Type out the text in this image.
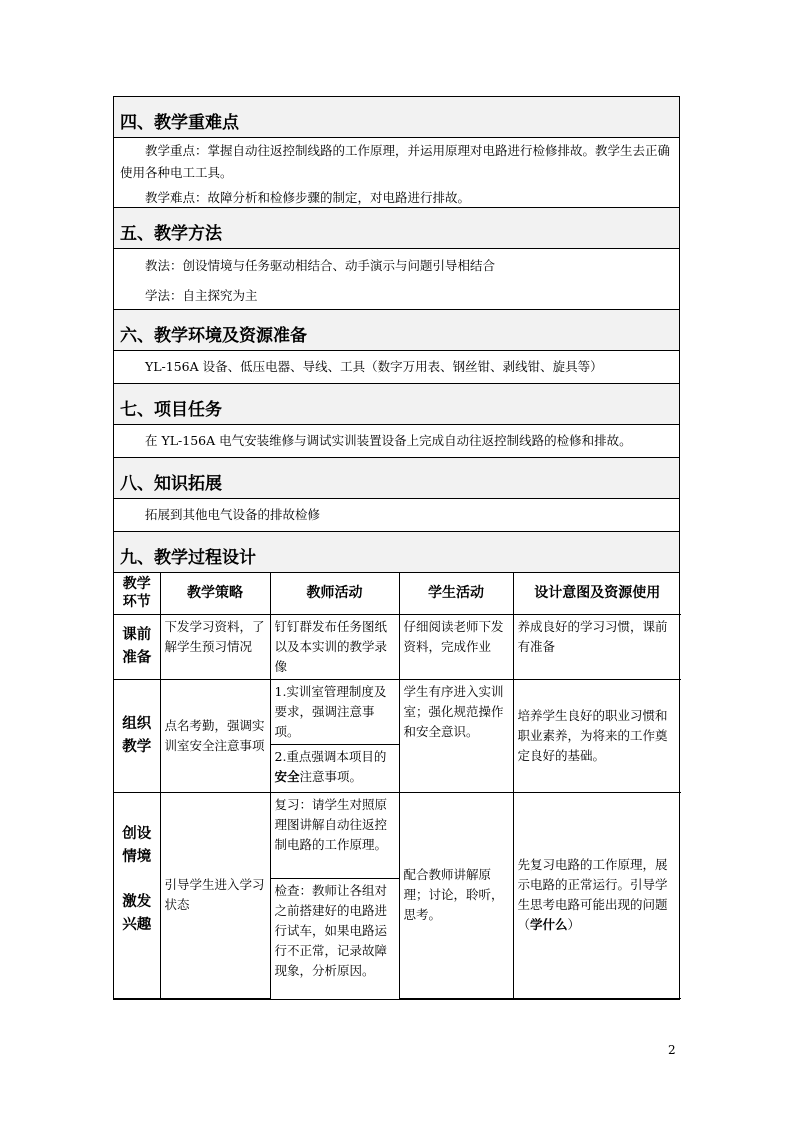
四、教学重难点

教学重点：掌握自动往返控制线路的工作原理，并运用原理对电路进行检修排故。教学生去正确使用各种电工工具。

教学难点：故障分析和检修步骤的制定，对电路进行排故。

五、教学方法

教法：创设情境与任务驱动相结合、动手演示与问题引导相结合

学法：自主探究为主

六、教学环境及资源准备

YL-156A 设备、低压电器、导线、工具（数字万用表、钢丝钳、剥线钳、旋具等）

七、项目任务

在 YL-156A 电气安装维修与调试实训装置设备上完成自动往返控制线路的检修和排故。

八、知识拓展

拓展到其他电气设备的排故检修

九、教学过程设计
教学环节	教学策略	教师活动	学生活动	设计意图及资源使用
课前准备	下发学习资料，了解学生预习情况	钉钉群发布任务图纸以及本实训的教学录像	仔细阅读老师下发资料，完成作业	养成良好的学习习惯，课前有准备
组织教学	点名考勤，强调实训室安全注意事项	1.实训室管理制度及要求，强调注意事项。	学生有序进入实训室；强化规范操作和安全意识。	培养学生良好的职业习惯和职业素养，为将来的工作奠定良好的基础。
		2.重点强调本项目的安全注意事项。		

创设情境
激发兴趣	引导学生进入学习状态	复习：请学生对照原理图讲解自动往返控制电路的工作原理。	配合教师讲解原理；讨论，聆听，思考。	先复习电路的工作原理，展示电路的正常运行。引导学生思考电路可能出现的问题（学什么）
		检查：教师让各组对之前搭建好的电路进行试车，如果电路运行不正常，记录故障现象，分析原因。		
2
